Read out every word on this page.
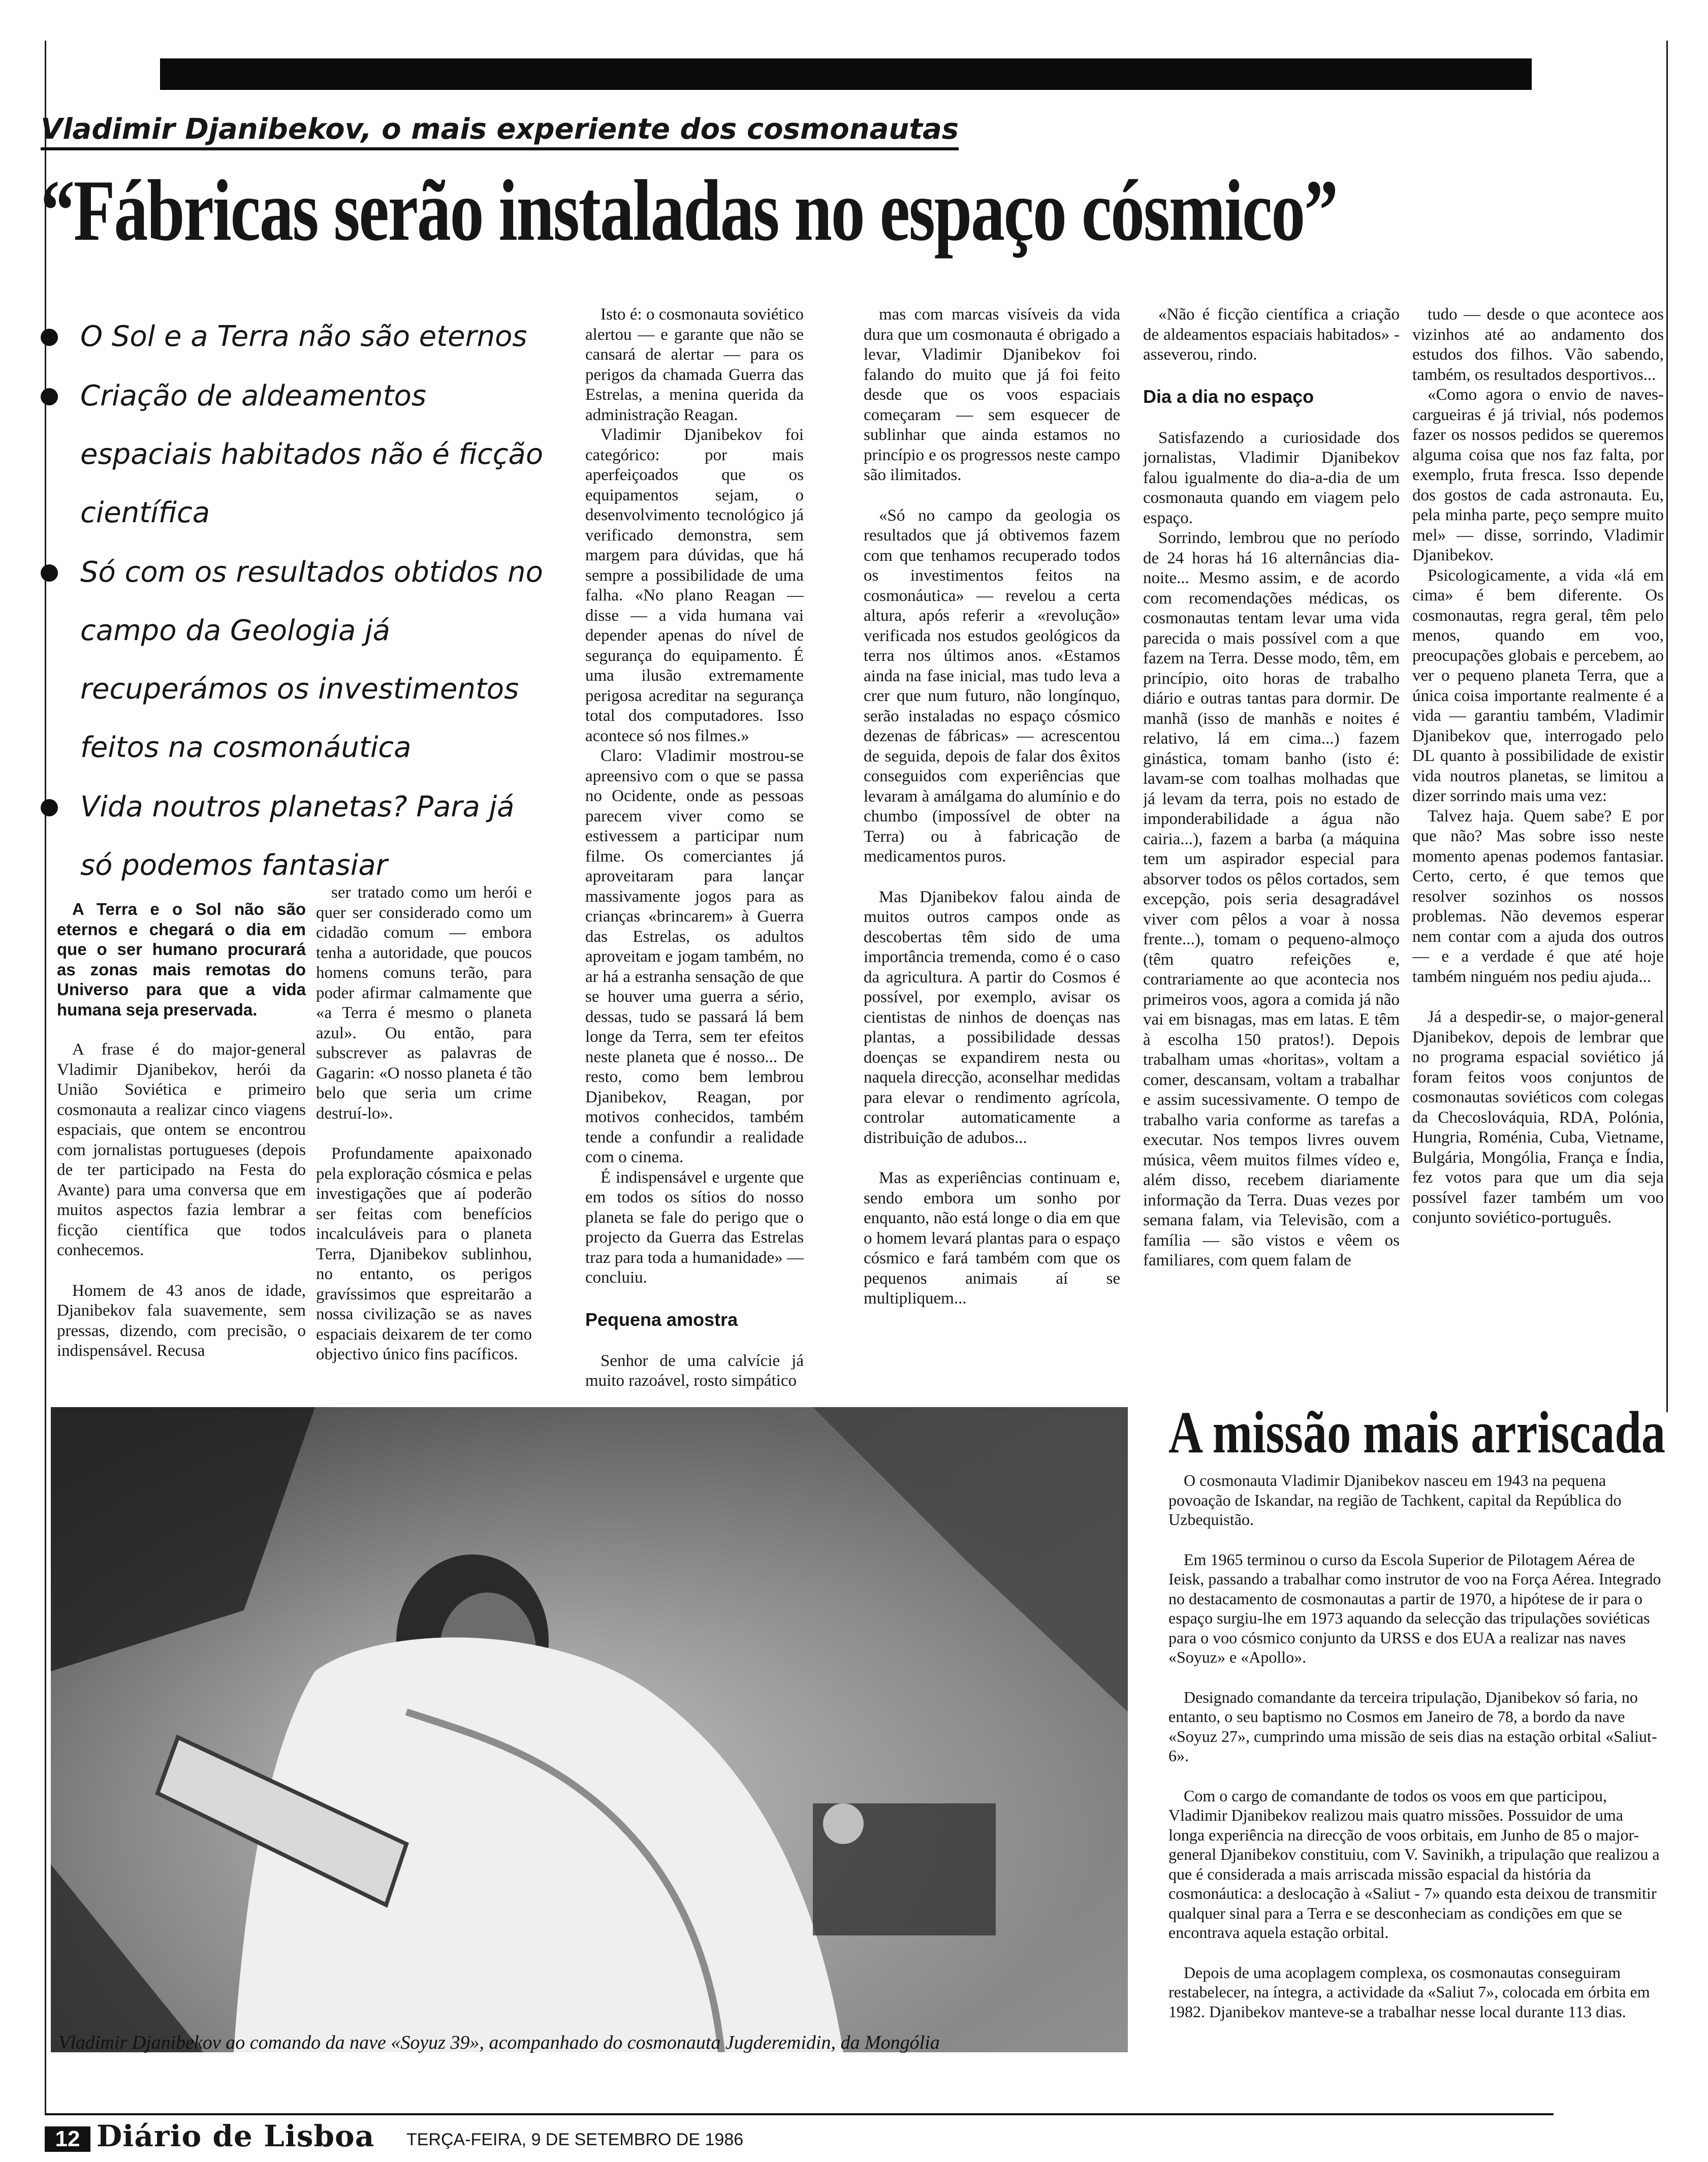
Vladimir Djanibekov, o mais experiente dos cosmonautas
“Fábricas serão instaladas no espaço cósmico”
O Sol e a Terra não são eternos
Criação de aldeamentos espaciais habitados não é ficção científica
Só com os resultados obtidos no campo da Geologia já recuperámos os investimentos feitos na cosmonáutica
Vida noutros planetas? Para já só podemos fantasiar

A Terra e o Sol não são eternos e chegará o dia em que o ser humano procurará as zonas mais remotas do Universo para que a vida humana seja preservada.

A frase é do major-general Vladimir Djanibekov, herói da União Soviética e primeiro cosmonauta a realizar cinco viagens espaciais, que ontem se encontrou com jornalistas portugueses (depois de ter participado na Festa do Avante) para uma conversa que em muitos aspectos fazia lembrar a ficção científica que todos conhecemos.

Homem de 43 anos de idade, Djanibekov fala suavemente, sem pressas, dizendo, com precisão, o indispensável. Recusa

ser tratado como um herói e quer ser considerado como um cidadão comum — embora tenha a autoridade, que poucos homens comuns terão, para poder afirmar calmamente que «a Terra é mesmo o planeta azul». Ou então, para subscrever as palavras de Gagarin: «O nosso planeta é tão belo que seria um crime destruí-lo».

Profundamente apaixonado pela exploração cósmica e pelas investigações que aí poderão ser feitas com benefícios incalculáveis para o planeta Terra, Djanibekov sublinhou, no entanto, os perigos gravíssimos que espreitarão a nossa civilização se as naves espaciais deixarem de ter como objectivo único fins pacíficos.

Isto é: o cosmonauta soviético alertou — e garante que não se cansará de alertar — para os perigos da chamada Guerra das Estrelas, a menina querida da administração Reagan.

Vladimir Djanibekov foi categórico: por mais aperfeiçoados que os equipamentos sejam, o desenvolvimento tecnológico já verificado demonstra, sem margem para dúvidas, que há sempre a possibilidade de uma falha. «No plano Reagan — disse — a vida humana vai depender apenas do nível de segurança do equipamento. É uma ilusão extremamente perigosa acreditar na segurança total dos computadores. Isso acontece só nos filmes.»

Claro: Vladimir mostrou-se apreensivo com o que se passa no Ocidente, onde as pessoas parecem viver como se estivessem a participar num filme. Os comerciantes já aproveitaram para lançar massivamente jogos para as crianças «brincarem» à Guerra das Estrelas, os adultos aproveitam e jogam também, no ar há a estranha sensação de que se houver uma guerra a sério, dessas, tudo se passará lá bem longe da Terra, sem ter efeitos neste planeta que é nosso... De resto, como bem lembrou Djanibekov, Reagan, por motivos conhecidos, também tende a confundir a realidade com o cinema.

É indispensável e urgente que em todos os sítios do nosso planeta se fale do perigo que o projecto da Guerra das Estrelas traz para toda a humanidade» — concluiu.

Pequena amostra

Senhor de uma calvície já muito razoável, rosto simpático

mas com marcas visíveis da vida dura que um cosmonauta é obrigado a levar, Vladimir Djanibekov foi falando do muito que já foi feito desde que os voos espaciais começaram — sem esquecer de sublinhar que ainda estamos no princípio e os progressos neste campo são ilimitados.

«Só no campo da geologia os resultados que já obtivemos fazem com que tenhamos recuperado todos os investimentos feitos na cosmonáutica» — revelou a certa altura, após referir a «revolução» verificada nos estudos geológicos da terra nos últimos anos. «Estamos ainda na fase inicial, mas tudo leva a crer que num futuro, não longínquo, serão instaladas no espaço cósmico dezenas de fábricas» — acrescentou de seguida, depois de falar dos êxitos conseguidos com experiências que levaram à amálgama do alumínio e do chumbo (impossível de obter na Terra) ou à fabricação de medicamentos puros.

Mas Djanibekov falou ainda de muitos outros campos onde as descobertas têm sido de uma importância tremenda, como é o caso da agricultura. A partir do Cosmos é possível, por exemplo, avisar os cientistas de ninhos de doenças nas plantas, a possibilidade dessas doenças se expandirem nesta ou naquela direcção, aconselhar medidas para elevar o rendimento agrícola, controlar automaticamente a distribuição de adubos...

Mas as experiências continuam e, sendo embora um sonho por enquanto, não está longe o dia em que o homem levará plantas para o espaço cósmico e fará também com que os pequenos animais aí se multipliquem...

«Não é ficção científica a criação de aldeamentos espaciais habitados» - asseverou, rindo.

Dia a dia no espaço

Satisfazendo a curiosidade dos jornalistas, Vladimir Djanibekov falou igualmente do dia-a-dia de um cosmonauta quando em viagem pelo espaço.

Sorrindo, lembrou que no período de 24 horas há 16 alternâncias dia-noite... Mesmo assim, e de acordo com recomendações médicas, os cosmonautas tentam levar uma vida parecida o mais possível com a que fazem na Terra. Desse modo, têm, em princípio, oito horas de trabalho diário e outras tantas para dormir. De manhã (isso de manhãs e noites é relativo, lá em cima...) fazem ginástica, tomam banho (isto é: lavam-se com toalhas molhadas que já levam da terra, pois no estado de imponderabilidade a água não cairia...), fazem a barba (a máquina tem um aspirador especial para absorver todos os pêlos cortados, sem excepção, pois seria desagradável viver com pêlos a voar à nossa frente...), tomam o pequeno-almoço (têm quatro refeições e, contrariamente ao que acontecia nos primeiros voos, agora a comida já não vai em bisnagas, mas em latas. E têm à escolha 150 pratos!). Depois trabalham umas «horitas», voltam a comer, descansam, voltam a trabalhar e assim sucessivamente. O tempo de trabalho varia conforme as tarefas a executar. Nos tempos livres ouvem música, vêem muitos filmes vídeo e, além disso, recebem diariamente informação da Terra. Duas vezes por semana falam, via Televisão, com a família — são vistos e vêem os familiares, com quem falam de

tudo — desde o que acontece aos vizinhos até ao andamento dos estudos dos filhos. Vão sabendo, também, os resultados desportivos...

«Como agora o envio de naves-cargueiras é já trivial, nós podemos fazer os nossos pedidos se queremos alguma coisa que nos faz falta, por exemplo, fruta fresca. Isso depende dos gostos de cada astronauta. Eu, pela minha parte, peço sempre muito mel» — disse, sorrindo, Vladimir Djanibekov.

Psicologicamente, a vida «lá em cima» é bem diferente. Os cosmonautas, regra geral, têm pelo menos, quando em voo, preocupações globais e percebem, ao ver o pequeno planeta Terra, que a única coisa importante realmente é a vida — garantiu também, Vladimir Djanibekov que, interrogado pelo DL quanto à possibilidade de existir vida noutros planetas, se limitou a dizer sorrindo mais uma vez:

Talvez haja. Quem sabe? E por que não? Mas sobre isso neste momento apenas podemos fantasiar. Certo, certo, é que temos que resolver sozinhos os nossos problemas. Não devemos esperar nem contar com a ajuda dos outros — e a verdade é que até hoje também ninguém nos pediu ajuda...

Já a despedir-se, o major-general Djanibekov, depois de lembrar que no programa espacial soviético já foram feitos voos conjuntos de cosmonautas soviéticos com colegas da Checoslováquia, RDA, Polónia, Hungria, Roménia, Cuba, Vietname, Bulgária, Mongólia, França e Índia, fez votos para que um dia seja possível fazer também um voo conjunto soviético-português.

Vladimir Djanibekov ao comando da nave «Soyuz 39», acompanhado do cosmonauta Jugderemidin, da Mongólia
A missão mais arriscada

O cosmonauta Vladimir Djanibekov nasceu em 1943 na pequena povoação de Iskandar, na região de Tachkent, capital da República do Uzbequistão.

Em 1965 terminou o curso da Escola Superior de Pilotagem Aérea de Ieisk, passando a trabalhar como instrutor de voo na Força Aérea. Integrado no destacamento de cosmonautas a partir de 1970, a hipótese de ir para o espaço surgiu-lhe em 1973 aquando da selecção das tripulações soviéticas para o voo cósmico conjunto da URSS e dos EUA a realizar nas naves «Soyuz» e «Apollo».

Designado comandante da terceira tripulação, Djanibekov só faria, no entanto, o seu baptismo no Cosmos em Janeiro de 78, a bordo da nave «Soyuz 27», cumprindo uma missão de seis dias na estação orbital «Saliut-6».

Com o cargo de comandante de todos os voos em que participou, Vladimir Djanibekov realizou mais quatro missões. Possuidor de uma longa experiência na direcção de voos orbitais, em Junho de 85 o major-general Djanibekov constituiu, com V. Savinikh, a tripulação que realizou a que é considerada a mais arriscada missão espacial da história da cosmonáutica: a deslocação à «Saliut - 7» quando esta deixou de transmitir qualquer sinal para a Terra e se desconheciam as condições em que se encontrava aquela estação orbital.

Depois de uma acoplagem complexa, os cosmonautas conseguiram restabelecer, na íntegra, a actividade da «Saliut 7», colocada em órbita em 1982. Djanibekov manteve-se a trabalhar nesse local durante 113 dias.

12 Diário de Lisboa TERÇA-FEIRA, 9 DE SETEMBRO DE 1986
